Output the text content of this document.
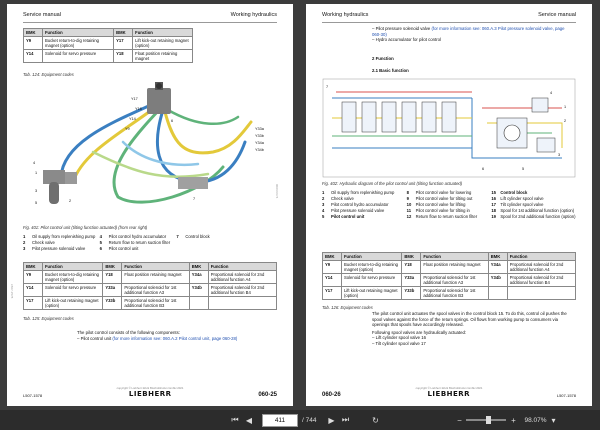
Service manual	Working hydraulics
BMK	Function	BMK	Function
Y9	Bucket return-to-dig retaining magnet (option)	Y17	Lift kick-out retaining magnet (option)
Y14	Solenoid for servo pressure	Y18	Float position retaining magnet
Tab. 124: Equipment codes
Y17
Y18
Y14
Y9	Y33a
Y33b
Y34a
Y34b
6
4
1
3
5	2	7
006XXX74
Fig. 401: Pilot control unit (tilting function actuated) (from rear right)
1	Oil supply from replenishing pump 4	Pilot control hydro accumulator 7	Control block
2	Check valve	5	Return flow to return suction filter
3	Pilot pressure solenoid valve	6	Pilot control unit
BMK	Function	BMK	Function	BMK	Function
Y9	Bucket return-to-dig retaining magnet (option)	Y18	Float position retaining magnet	Y34a	Proportional solenoid for 2nd additional function A4
Y14	Solenoid for servo pressure	Y33a	Proportional solenoid for 1st additional function A3	Y34b	Proportional solenoid for 2nd additional function B4
Y17	Lift kick-out retaining magnet (option)	Y33b	Proportional solenoid for 1st additional function B3		
Tab. 125: Equipment codes
The pilot control consists of the following components:
– Pilot control unit (for more information see: 060.A.2 Pilot control unit, page 060-28)
L507-1578
copyright © Liebherr-Werk Bischofshofen GmbH 2021
L507-1578	LIEBHERR	060-25
Working hydraulics	Service manual
– Pilot pressure solenoid valve (for more information see: 060.A.3 Pilot pressure solenoid valve, page 060-30)
– Hydro accumulator for pilot control
2 Function
2.1 Basic function
7
6
4
1
2
3
5
Fig. 402: Hydraulic diagram of the pilot control unit (tilting function actuated)
1	Oil supply from replenishing pump	8	Pilot control valve for lowering	15	Control block
2	Check valve	9	Pilot control valve for tilting out	16	Lift cylinder spool valve
3	Pilot control hydro accumulator	10	Pilot control valve for lifting	17	Tilt cylinder spool valve
4	Pilot pressure solenoid valve	11	Pilot control valve for tilting in	18	Spool for 1st additional function (option)
5	Pilot control unit	12	Return flow to return suction filter	19	Spool for 2nd additional function (option)
BMK	Function	BMK	Function	BMK	Function
Y9	Bucket return-to-dig retaining magnet (option)	Y18	Float position retaining magnet	Y34a	Proportional solenoid for 2nd additional function A4
Y14	Solenoid for servo pressure	Y33a	Proportional solenoid for 1st additional function A3	Y34b	Proportional solenoid for 2nd additional function B4
Y17	Lift kick-out retaining magnet (option)	Y33b	Proportional solenoid for 1st additional function B3		
Tab. 126: Equipment codes
The pilot control unit actuates the spool valves in the control block 15. To do this, control oil pushes the spool valves against the force of the return springs. Oil flows from working pump to consumers via openings that spools have accordingly released.
Following spool valves are hydraulically actuated:
– Lift cylinder spool valve 16
– Tilt cylinder spool valve 17
copyright © Liebherr-Werk Bischofshofen GmbH 2021
060-26	LIEBHERR	L507-1578
⏮ ◀	411	/ 744	▶ ⏭	↻	−	+	98.07% ▾
